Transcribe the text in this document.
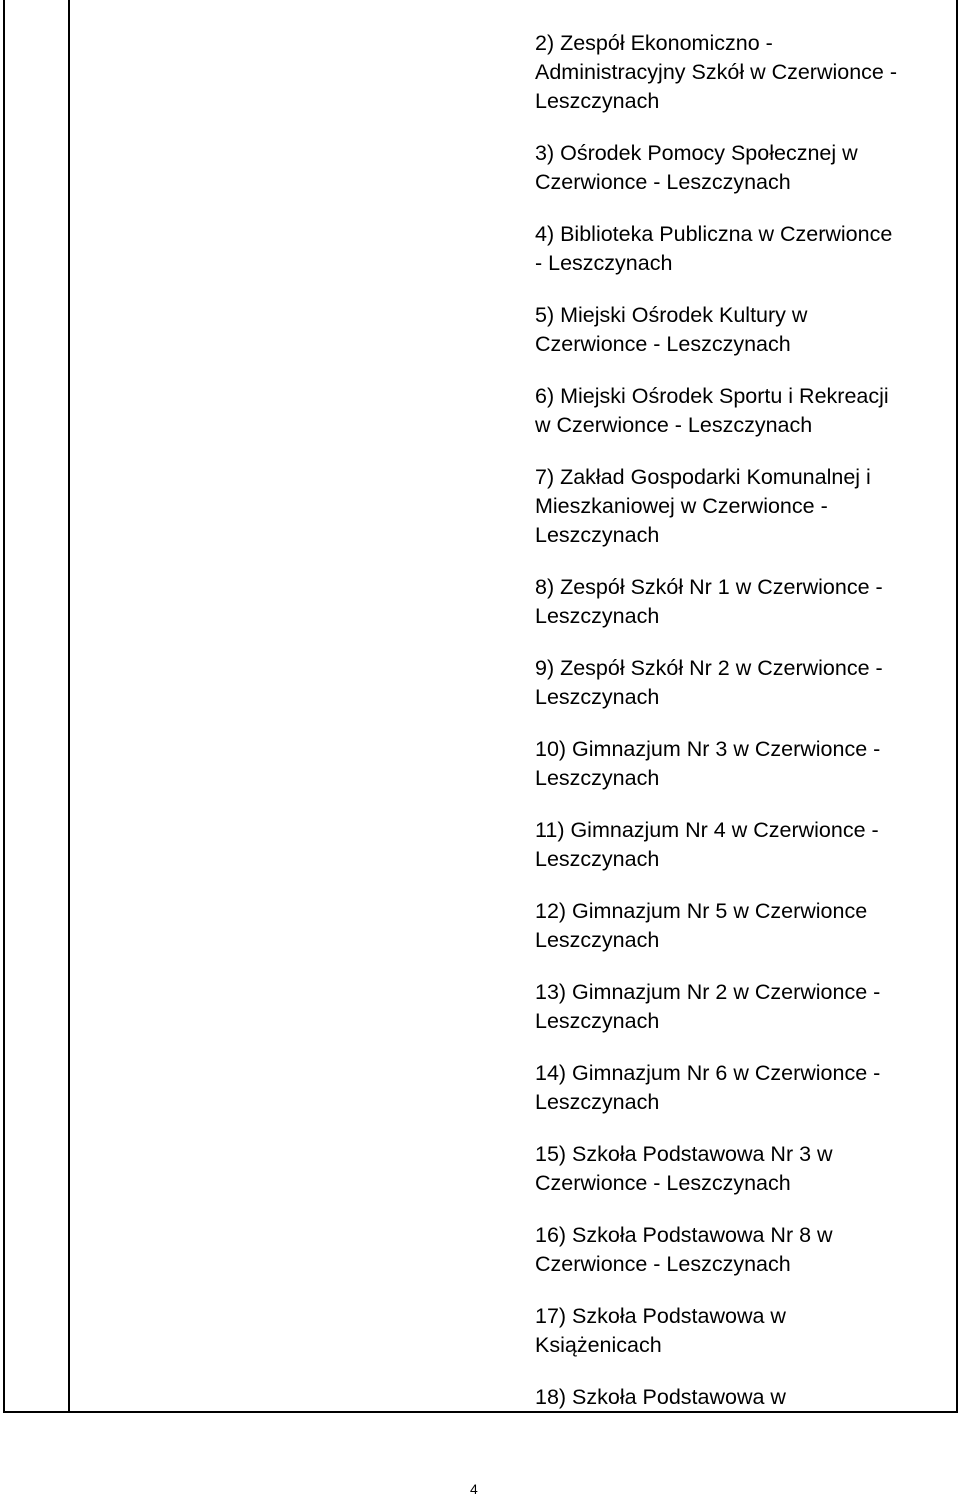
2) Zespół Ekonomiczno -
Administracyjny Szkół w Czerwionce -
Leszczynach

3) Ośrodek Pomocy Społecznej w
Czerwionce - Leszczynach

4) Biblioteka Publiczna w Czerwionce
- Leszczynach

5) Miejski Ośrodek Kultury w
Czerwionce - Leszczynach

6) Miejski Ośrodek Sportu i Rekreacji
w Czerwionce - Leszczynach

7) Zakład Gospodarki Komunalnej i
Mieszkaniowej w Czerwionce -
Leszczynach

8) Zespół Szkół Nr 1 w Czerwionce -
Leszczynach

9) Zespół Szkół Nr 2 w Czerwionce -
Leszczynach

10) Gimnazjum Nr 3 w Czerwionce -
Leszczynach

11) Gimnazjum Nr 4 w Czerwionce -
Leszczynach

12) Gimnazjum Nr 5 w Czerwionce
Leszczynach

13) Gimnazjum Nr 2 w Czerwionce -
Leszczynach

14) Gimnazjum Nr 6 w Czerwionce -
Leszczynach

15) Szkoła Podstawowa Nr 3 w
Czerwionce - Leszczynach

16) Szkoła Podstawowa Nr 8 w
Czerwionce - Leszczynach

17) Szkoła Podstawowa w
Książenicach

18) Szkoła Podstawowa w

4
